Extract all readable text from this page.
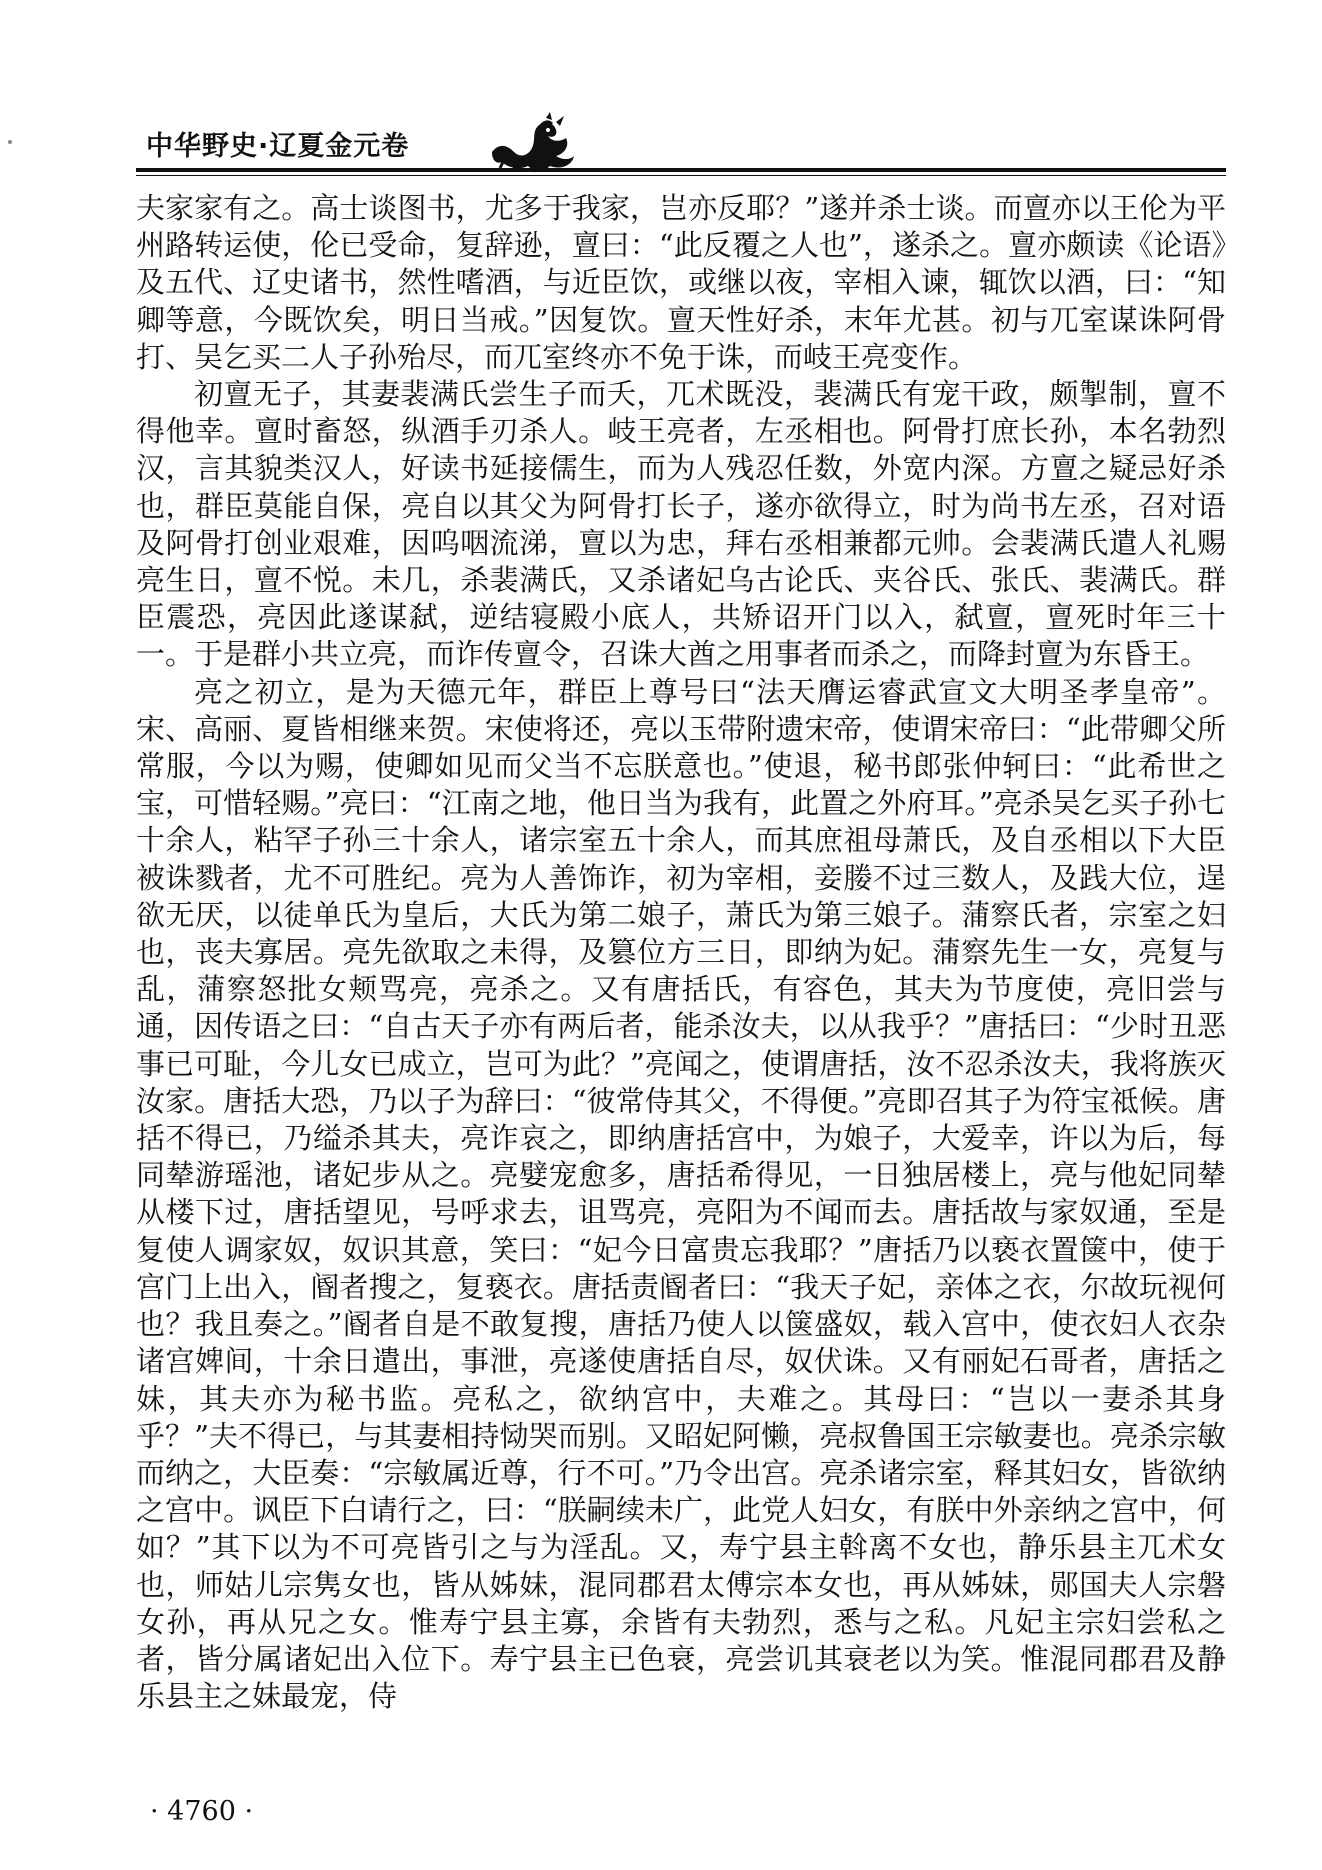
中华野史·辽夏金元卷

夫家家有之。高士谈图书，尤多于我家，岂亦反耶？”遂并杀士谈。而亶亦以王伦为平州路转运使，伦已受命，复辞逊，亶曰：“此反覆之人也”，遂杀之。亶亦颇读《论语》及五代、辽史诸书，然性嗜酒，与近臣饮，或继以夜，宰相入谏，辄饮以酒，曰：“知卿等意，今既饮矣，明日当戒。”因复饮。亶天性好杀，末年尤甚。初与兀室谋诛阿骨打、吴乞买二人子孙殆尽，而兀室终亦不免于诛，而岐王亮变作。

初亶无子，其妻裴满氏尝生子而夭，兀术既没，裴满氏有宠干政，颇掣制，亶不得他幸。亶时畜怒，纵酒手刃杀人。岐王亮者，左丞相也。阿骨打庶长孙，本名勃烈汉，言其貌类汉人，好读书延接儒生，而为人残忍任数，外宽内深。方亶之疑忌好杀也，群臣莫能自保，亮自以其父为阿骨打长子，遂亦欲得立，时为尚书左丞，召对语及阿骨打创业艰难，因呜咽流涕，亶以为忠，拜右丞相兼都元帅。会裴满氏遣人礼赐亮生日，亶不悦。未几，杀裴满氏，又杀诸妃乌古论氏、夹谷氏、张氏、裴满氏。群臣震恐，亮因此遂谋弑，逆结寝殿小底人，共矫诏开门以入，弑亶，亶死时年三十一。于是群小共立亮，而诈传亶令，召诛大酋之用事者而杀之，而降封亶为东昏王。

亮之初立，是为天德元年，群臣上尊号曰“法天膺运睿武宣文大明圣孝皇帝”。宋、高丽、夏皆相继来贺。宋使将还，亮以玉带附遗宋帝，使谓宋帝曰：“此带卿父所常服，今以为赐，使卿如见而父当不忘朕意也。”使退，秘书郎张仲轲曰：“此希世之宝，可惜轻赐。”亮曰：“江南之地，他日当为我有，此置之外府耳。”亮杀吴乞买子孙七十余人，粘罕子孙三十余人，诸宗室五十余人，而其庶祖母萧氏，及自丞相以下大臣被诛戮者，尤不可胜纪。亮为人善饰诈，初为宰相，妾媵不过三数人，及践大位，逞欲无厌，以徒单氏为皇后，大氏为第二娘子，萧氏为第三娘子。蒲察氏者，宗室之妇也，丧夫寡居。亮先欲取之未得，及篡位方三日，即纳为妃。蒲察先生一女，亮复与乱，蒲察怒批女颊骂亮，亮杀之。又有唐括氏，有容色，其夫为节度使，亮旧尝与通，因传语之曰：“自古天子亦有两后者，能杀汝夫，以从我乎？”唐括曰：“少时丑恶事已可耻，今儿女已成立，岂可为此？”亮闻之，使谓唐括，汝不忍杀汝夫，我将族灭汝家。唐括大恐，乃以子为辞曰：“彼常侍其父，不得便。”亮即召其子为符宝祗候。唐括不得已，乃缢杀其夫，亮诈哀之，即纳唐括宫中，为娘子，大爱幸，许以为后，每同辇游瑶池，诸妃步从之。亮嬖宠愈多，唐括希得见，一日独居楼上，亮与他妃同辇从楼下过，唐括望见，号呼求去，诅骂亮，亮阳为不闻而去。唐括故与家奴通，至是复使人调家奴，奴识其意，笑曰：“妃今日富贵忘我耶？”唐括乃以亵衣置箧中，使于宫门上出入，阍者搜之，复亵衣。唐括责阍者曰：“我天子妃，亲体之衣，尔故玩视何也？我且奏之。”阍者自是不敢复搜，唐括乃使人以箧盛奴，载入宫中，使衣妇人衣杂诸宫婢间，十余日遣出，事泄，亮遂使唐括自尽，奴伏诛。又有丽妃石哥者，唐括之妹，其夫亦为秘书监。亮私之，欲纳宫中，夫难之。其母曰：“岂以一妻杀其身乎？”夫不得已，与其妻相持恸哭而别。又昭妃阿懒，亮叔鲁国王宗敏妻也。亮杀宗敏而纳之，大臣奏：“宗敏属近尊，行不可。”乃令出宫。亮杀诸宗室，释其妇女，皆欲纳之宫中。讽臣下白请行之，曰：“朕嗣续未广，此党人妇女，有朕中外亲纳之宫中，何如？”其下以为不可亮皆引之与为淫乱。又，寿宁县主斡离不女也，静乐县主兀术女也，师姑儿宗隽女也，皆从姊妹，混同郡君太傅宗本女也，再从姊妹，郧国夫人宗磐女孙，再从兄之女。惟寿宁县主寡，余皆有夫勃烈，悉与之私。凡妃主宗妇尝私之者，皆分属诸妃出入位下。寿宁县主已色衰，亮尝讥其衰老以为笑。惟混同郡君及静乐县主之妹最宠，侍

· 4760 ·
